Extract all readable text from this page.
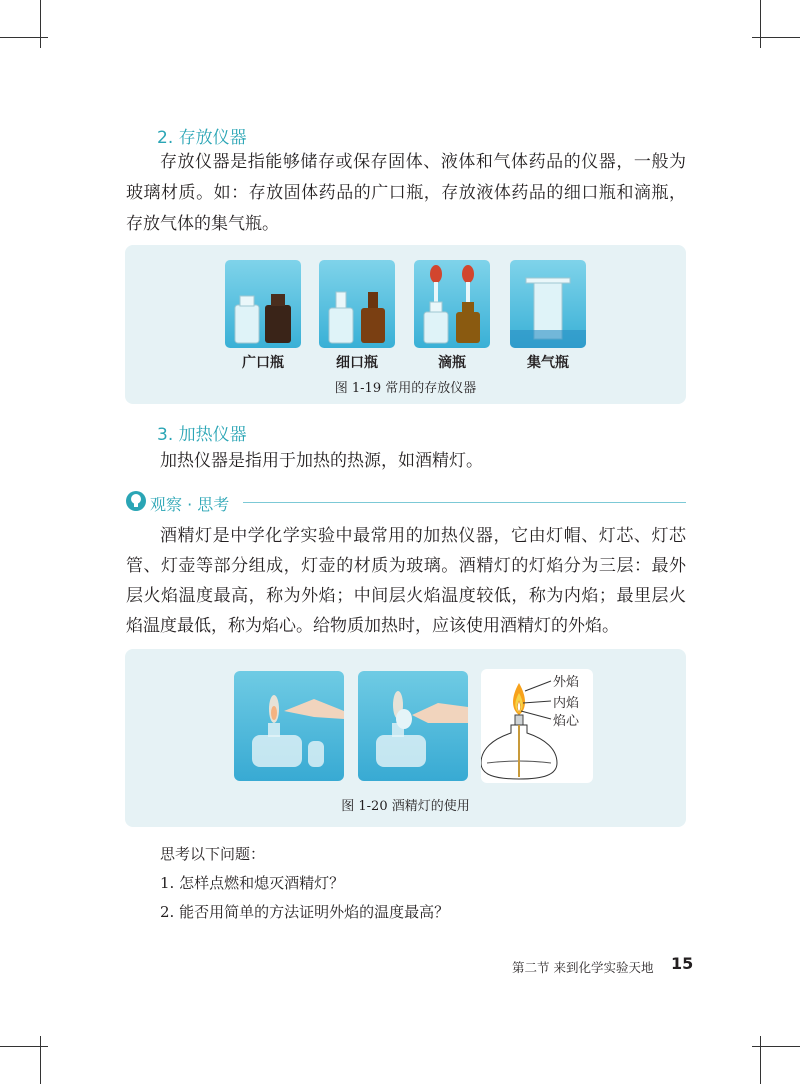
2. 存放仪器

存放仪器是指能够储存或保存固体、液体和气体药品的仪器，一般为玻璃材质。如：存放固体药品的广口瓶，存放液体药品的细口瓶和滴瓶，存放气体的集气瓶。

广口瓶	细口瓶	滴瓶	集气瓶
图 1-19 常用的存放仪器
3. 加热仪器

加热仪器是指用于加热的热源，如酒精灯。

观察 · 思考

酒精灯是中学化学实验中最常用的加热仪器，它由灯帽、灯芯、灯芯管、灯壶等部分组成，灯壶的材质为玻璃。酒精灯的灯焰分为三层：最外层火焰温度最高，称为外焰；中间层火焰温度较低，称为内焰；最里层火焰温度最低，称为焰心。给物质加热时，应该使用酒精灯的外焰。

外焰
内焰
焰心
图 1-20 酒精灯的使用
思考以下问题：
1. 怎样点燃和熄灭酒精灯？
2. 能否用简单的方法证明外焰的温度最高？
第二节 来到化学实验天地 15
